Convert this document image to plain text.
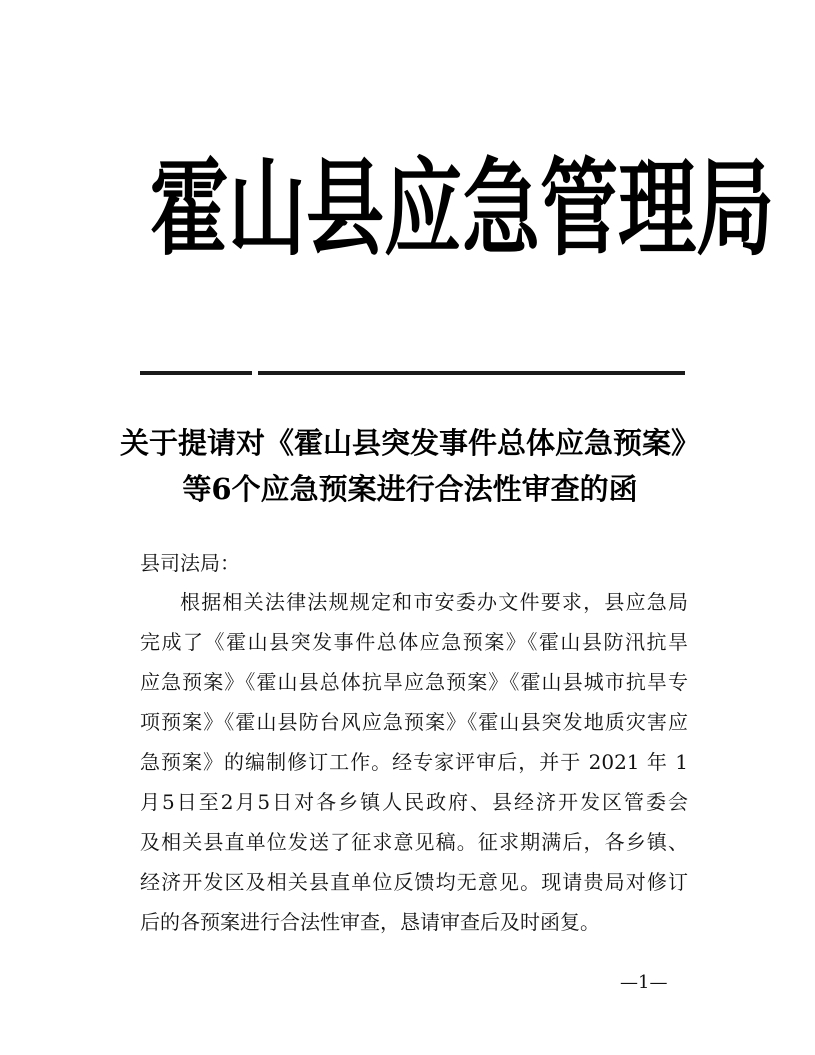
霍 山 县 应 急 管 理 局
关于提请对《霍山县突发事件总体应急预案》
等6个应急预案进行合法性审查的函
县司法局：
根据相关法律法规规定和市安委办文件要求，县应急局
完成了《霍山县突发事件总体应急预案》《霍山县防汛抗旱
应急预案》《霍山县总体抗旱应急预案》《霍山县城市抗旱专
项预案》《霍山县防台风应急预案》《霍山县突发地质灾害应
急预案》的编制修订工作。经专家评审后，并于 2021 年 1
月5日至2月5日对各乡镇人民政府、县经济开发区管委会
及相关县直单位发送了征求意见稿。征求期满后，各乡镇、
经济开发区及相关县直单位反馈均无意见。现请贵局对修订
后的各预案进行合法性审查，恳请审查后及时函复。
—1—
